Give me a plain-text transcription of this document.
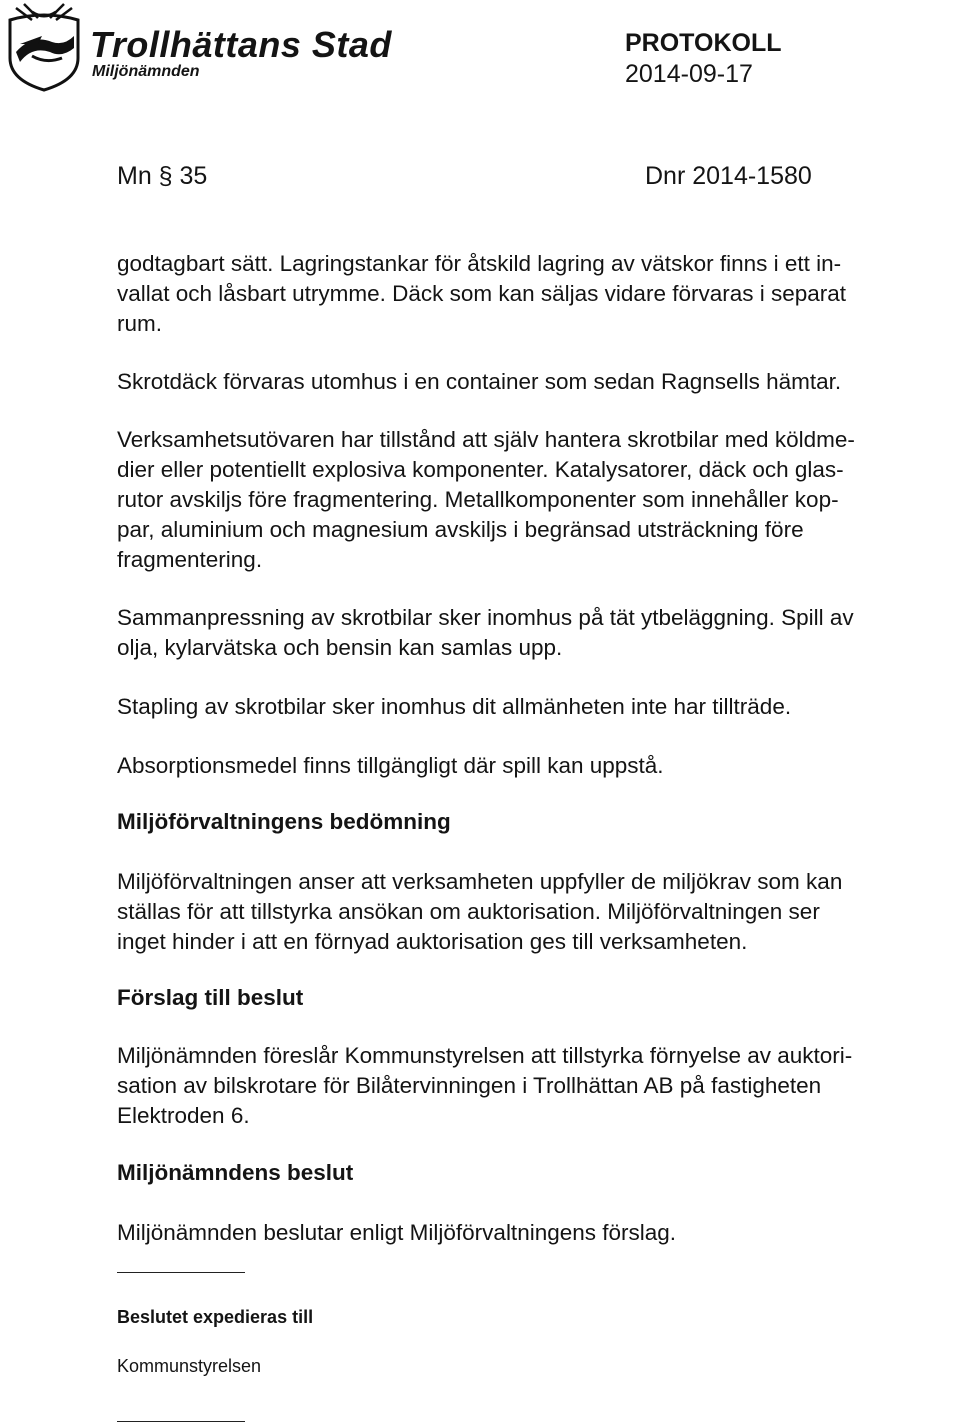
Trollhättans Stad
Miljönämnden
PROTOKOLL
2014-09-17
Mn § 35	Dnr 2014-1580
godtagbart sätt. Lagringstankar för åtskild lagring av vätskor finns i ett in-
vallat och låsbart utrymme. Däck som kan säljas vidare förvaras i separat
rum.
Skrotdäck förvaras utomhus i en container som sedan Ragnsells hämtar.
Verksamhetsutövaren har tillstånd att själv hantera skrotbilar med köldme-
dier eller potentiellt explosiva komponenter. Katalysatorer, däck och glas-
rutor avskiljs före fragmentering. Metallkomponenter som innehåller kop-
par, aluminium och magnesium avskiljs i begränsad utsträckning före
fragmentering.
Sammanpressning av skrotbilar sker inomhus på tät ytbeläggning. Spill av
olja, kylarvätska och bensin kan samlas upp.
Stapling av skrotbilar sker inomhus dit allmänheten inte har tillträde.
Absorptionsmedel finns tillgängligt där spill kan uppstå.
Miljöförvaltningens bedömning
Miljöförvaltningen anser att verksamheten uppfyller de miljökrav som kan
ställas för att tillstyrka ansökan om auktorisation. Miljöförvaltningen ser
inget hinder i att en förnyad auktorisation ges till verksamheten.
Förslag till beslut
Miljönämnden föreslår Kommunstyrelsen att tillstyrka förnyelse av auktori-
sation av bilskrotare för Bilåtervinningen i Trollhättan AB på fastigheten
Elektroden 6.
Miljönämndens beslut
Miljönämnden beslutar enligt Miljöförvaltningens förslag.
Beslutet expedieras till
Kommunstyrelsen
